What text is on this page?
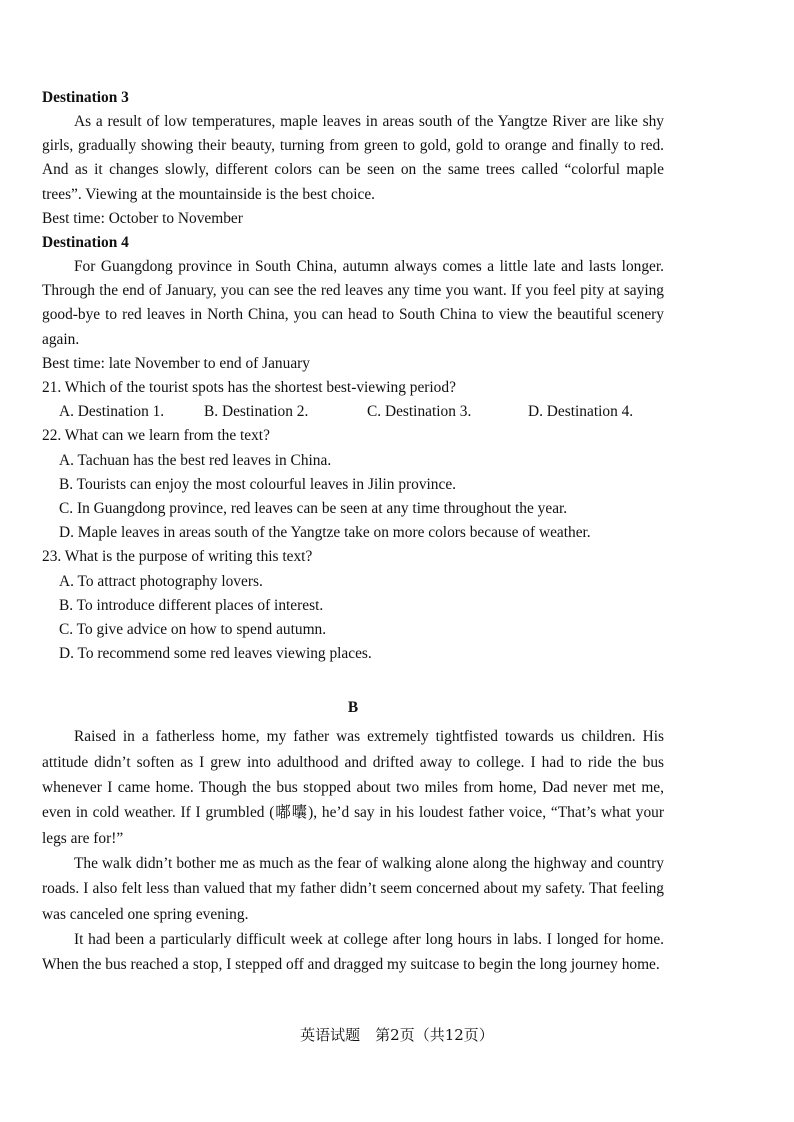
Destination 3

As a result of low temperatures, maple leaves in areas south of the Yangtze River are like shy girls, gradually showing their beauty, turning from green to gold, gold to orange and finally to red. And as it changes slowly, different colors can be seen on the same trees called “colorful maple trees”. Viewing at the mountainside is the best choice.

Best time: October to November

Destination 4

For Guangdong province in South China, autumn always comes a little late and lasts longer. Through the end of January, you can see the red leaves any time you want. If you feel pity at saying good-bye to red leaves in North China, you can head to South China to view the beautiful scenery again.

Best time: late November to end of January

21. Which of the tourist spots has the shortest best-viewing period?

A. Destination 1.	B. Destination 2.	C. Destination 3.	D. Destination 4.

22. What can we learn from the text?

A. Tachuan has the best red leaves in China.

B. Tourists can enjoy the most colourful leaves in Jilin province.

C. In Guangdong province, red leaves can be seen at any time throughout the year.

D. Maple leaves in areas south of the Yangtze take on more colors because of weather.

23. What is the purpose of writing this text?

A. To attract photography lovers.

B. To introduce different places of interest.

C. To give advice on how to spend autumn.

D. To recommend some red leaves viewing places.

B

Raised in a fatherless home, my father was extremely tightfisted towards us children. His attitude didn’t soften as I grew into adulthood and drifted away to college. I had to ride the bus whenever I came home. Though the bus stopped about two miles from home, Dad never met me, even in cold weather. If I grumbled (嘟囔), he’d say in his loudest father voice, “That’s what your legs are for!”

The walk didn’t bother me as much as the fear of walking alone along the highway and country roads. I also felt less than valued that my father didn’t seem concerned about my safety. That feeling was canceled one spring evening.

It had been a particularly difficult week at college after long hours in labs. I longed for home. When the bus reached a stop, I stepped off and dragged my suitcase to begin the long journey home.

英语试题　第2页（共12页）
